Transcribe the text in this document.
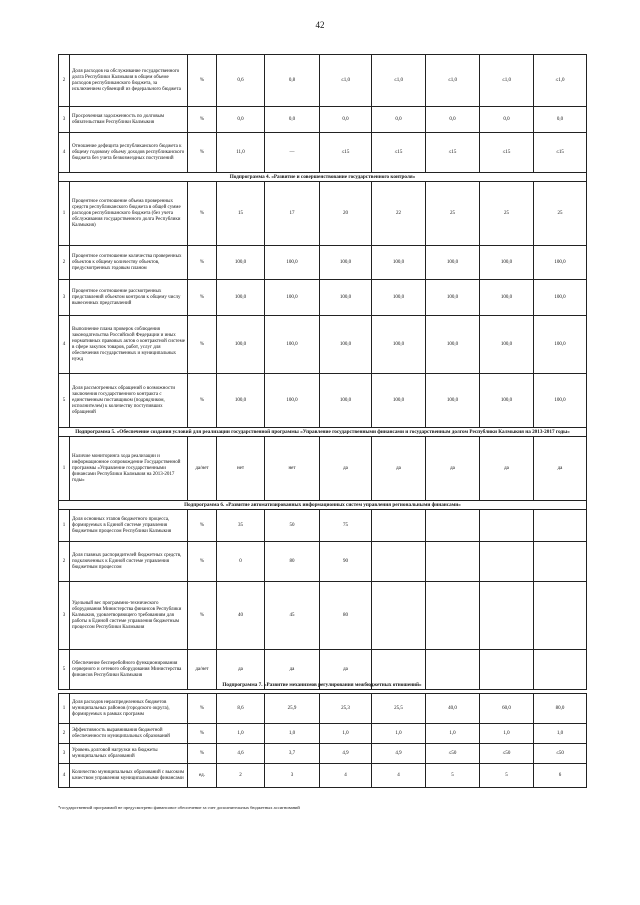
42
2	Доля расходов на обслуживание государственного долга Республики Калмыкия в общем объеме расходов республиканского бюджета, за исключением субвенций из федерального бюджета	%	0,6	0,8	≤1,0	≤1,0	≤1,0	≤1,0	≤1,0
3	Просроченная задолженность по долговым обязательствам Республики Калмыкия	%	0,0	0,0	0,0	0,0	0,0	0,0	0,0
4	Отношение дефицита республиканского бюджета к общему годовому объему доходов республиканского бюджета без учета безвозмездных поступлений	%	11,0	—	≤15	≤15	≤15	≤15	≤15
Подпрограмма 4. «Развитие и совершенствование государственного контроля»									
1	Процентное соотношение объема проверенных средств республиканского бюджета в общей сумме расходов республиканского бюджета (без учета обслуживания государственного долга Республики Калмыкия)	%	15	17	20	22	25	25	25
2	Процентное соотношение количества проверенных объектов к общему количеству объектов, предусмотренных годовым планом	%	100,0	100,0	100,0	100,0	100,0	100,0	100,0
3	Процентное соотношение рассмотренных представлений объектом контроля к общему числу вынесенных представлений	%	100,0	100,0	100,0	100,0	100,0	100,0	100,0
4	Выполнение плана проверок соблюдения законодательства Российской Федерации и иных нормативных правовых актов о контрактной системе в сфере закупок товаров, работ, услуг для обеспечения государственных и муниципальных нужд	%	100,0	100,0	100,0	100,0	100,0	100,0	100,0
5	Доля рассмотренных обращений о возможности заключения государственного контракта с единственным поставщиком (подрядчиком, исполнителем) к количеству поступивших обращений	%	100,0	100,0	100,0	100,0	100,0	100,0	100,0
Подпрограмма 5. «Обеспечение создания условий для реализации государственной программы «Управление государственными финансами и государственным долгом Республики Калмыкия на 2013-2017 годы»									
1	Наличие мониторинга хода реализации и информационное сопровождение Государственной программы «Управление государственными финансами Республики Калмыкия на 2013-2017 годы»	да/нет	нет	нет	да	да	да	да	да
Подпрограмма 6. «Развитие автоматизированных информационных систем управления региональными финансами»									
1	Доля основных этапов бюджетного процесса, формируемых в Единой системе управления бюджетным процессом Республики Калмыкия	%	35	50	75				
2	Доля главных распорядителей бюджетных средств, подключенных к Единой системе управления бюджетным процессом	%	0	80	90				
3	Удельный вес программно-технического оборудования Министерства финансов Республики Калмыкия, удовлетворяющего требованиям для работы в Единой системе управления бюджетным процессом Республики Калмыкия	%	40	45	80				
5	Обеспечение бесперебойного функционирования серверного и сетевого оборудования Министерства финансов Республики Калмыкия	да/нет	да	да	да				
1	Доля расходов нераспределенных бюджетов муниципальных районов (городского округа), формируемых в рамках программ	%	8,6	25,9	25,3	25,5	40,0	60,0	80,0
2	Эффективность выравнивания бюджетной обеспеченности муниципальных образований	%	1,0	1,0	1,0	1,0	1,0	1,0	1,0
3	Уровень долговой нагрузки на бюджеты муниципальных образований	%	4,6	3,7	4,9	4,9	≤50	≤50	≤50
4	Количество муниципальных образований с высоким качеством управления муниципальными финансами	ед.	2	3	4	4	5	5	6
Подпрограмма 7. «Развитие механизмов регулирования межбюджетных отношений»
*государственной программой не предусмотрено финансовое обеспечение за счет дополнительных бюджетных ассигнований
